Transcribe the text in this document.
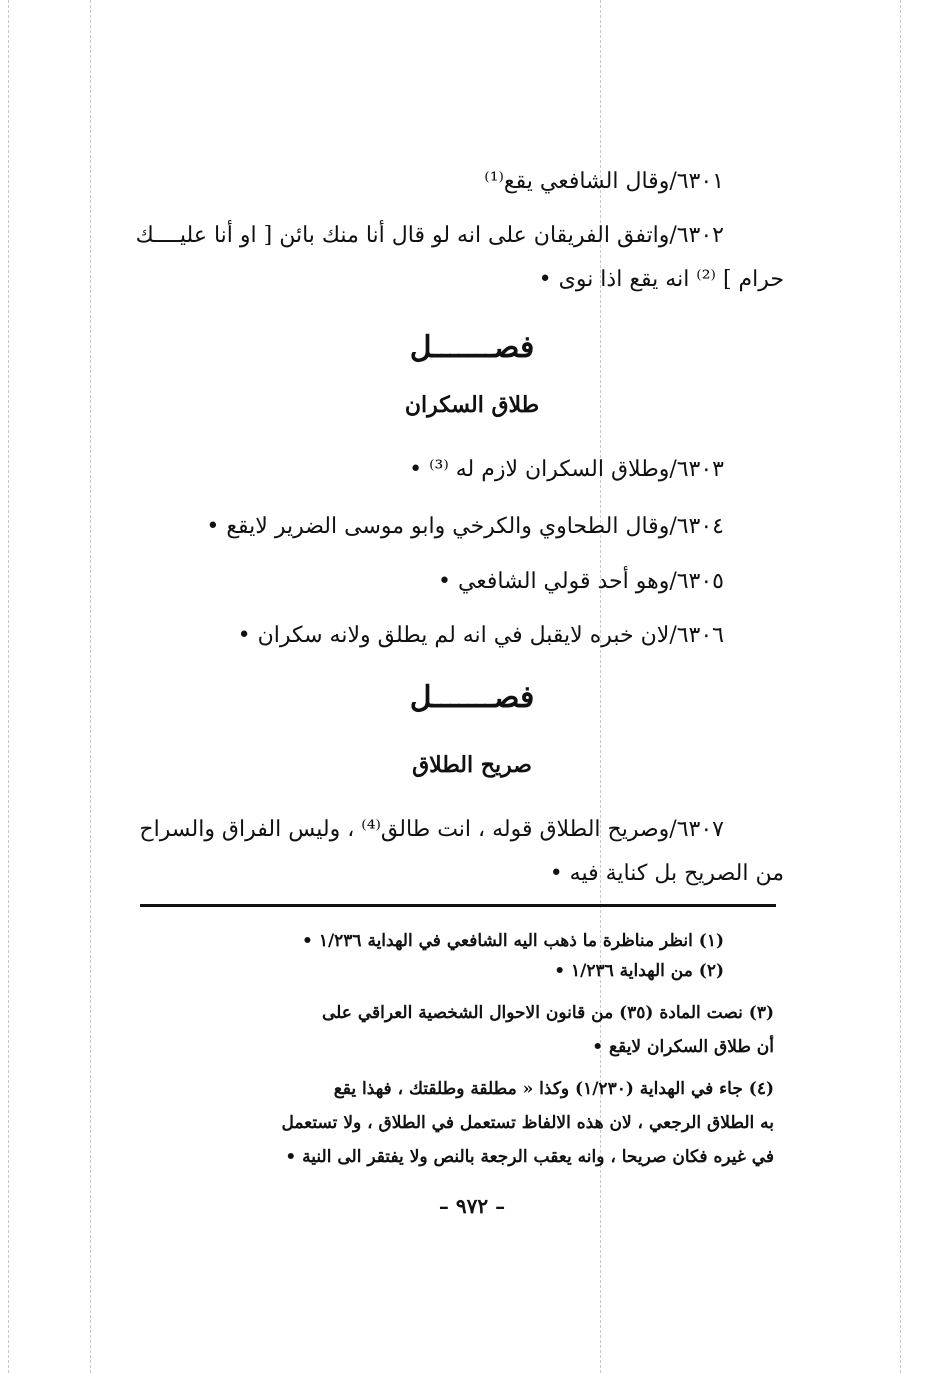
٦٣٠١/وقال الشافعي يقع⁽¹⁾
٦٣٠٢/واتفق الفريقان على انه لو قال أنا منك بائن [ او أنا عليــــك
حرام ] ⁽²⁾ انه يقع اذا نوى •
فصـــــــل
طلاق السكران
٦٣٠٣/وطلاق السكران لازم له ⁽³⁾ •
٦٣٠٤/وقال الطحاوي والكرخي وابو موسى الضرير لايقع •
٦٣٠٥/وهو أحد قولي الشافعي •
٦٣٠٦/لان خبره لايقبل في انه لم يطلق ولانه سكران •
فصـــــــل
صريح الطلاق
٦٣٠٧/وصريح الطلاق قوله ، انت طالق⁽⁴⁾ ، وليس الفراق والسراح
من الصريح بل كناية فيه •
(١) انظر مناظرة ما ذهب اليه الشافعي في الهداية ١/٢٣٦ •
(٢) من الهداية ١/٢٣٦ •
(٣) نصت المادة (٣٥) من قانون الاحوال الشخصية العراقي على
أن طلاق السكران لايقع •
(٤) جاء في الهداية (١/٢٣٠) وكذا « مطلقة وطلقتك ، فهذا يقع
به الطلاق الرجعي ، لان هذه الالفاظ تستعمل في الطلاق ، ولا تستعمل
في غيره فكان صريحا ، وانه يعقب الرجعة بالنص ولا يفتقر الى النية •
– ٩٧٢ –
